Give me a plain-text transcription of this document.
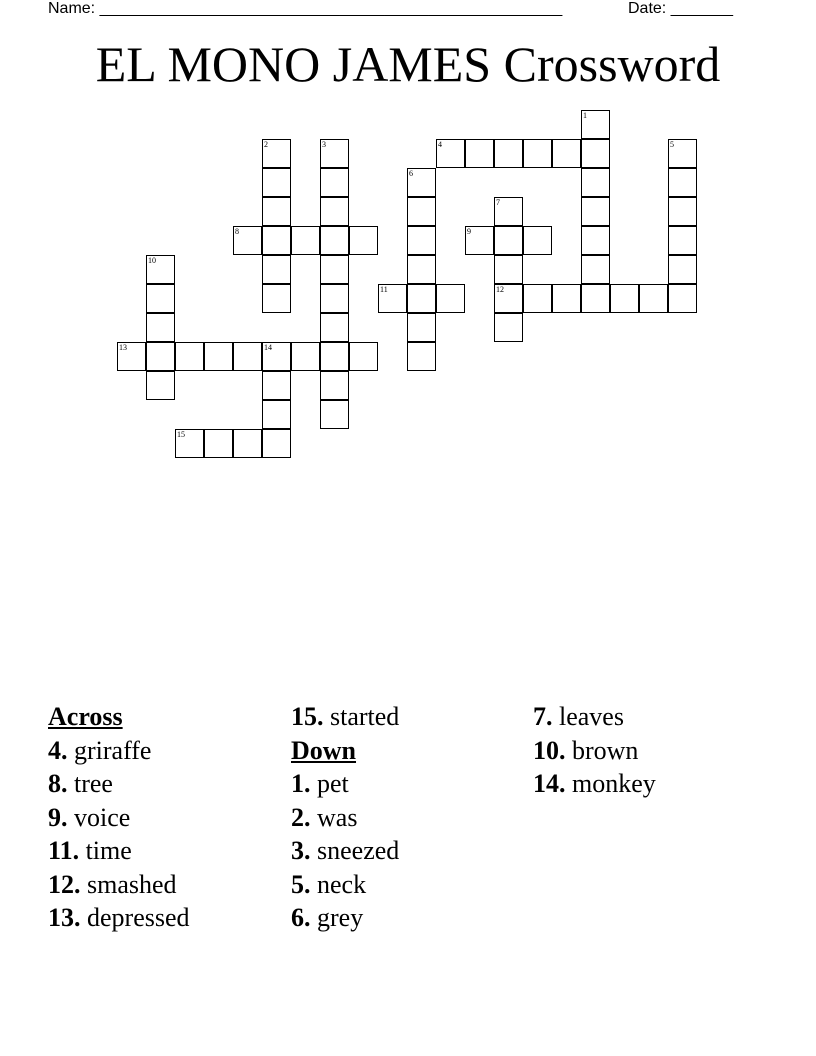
Name: ____________________________________________________	Date: _______
EL MONO JAMES Crossword
1
2	3	4	5
6
7
12
8	9
10
11
13	14
15
Across
4. griraffe
8. tree
9. voice
11. time
12. smashed
13. depressed
15. started
Down
1. pet
2. was
3. sneezed
5. neck
6. grey
7. leaves
10. brown
14. monkey
